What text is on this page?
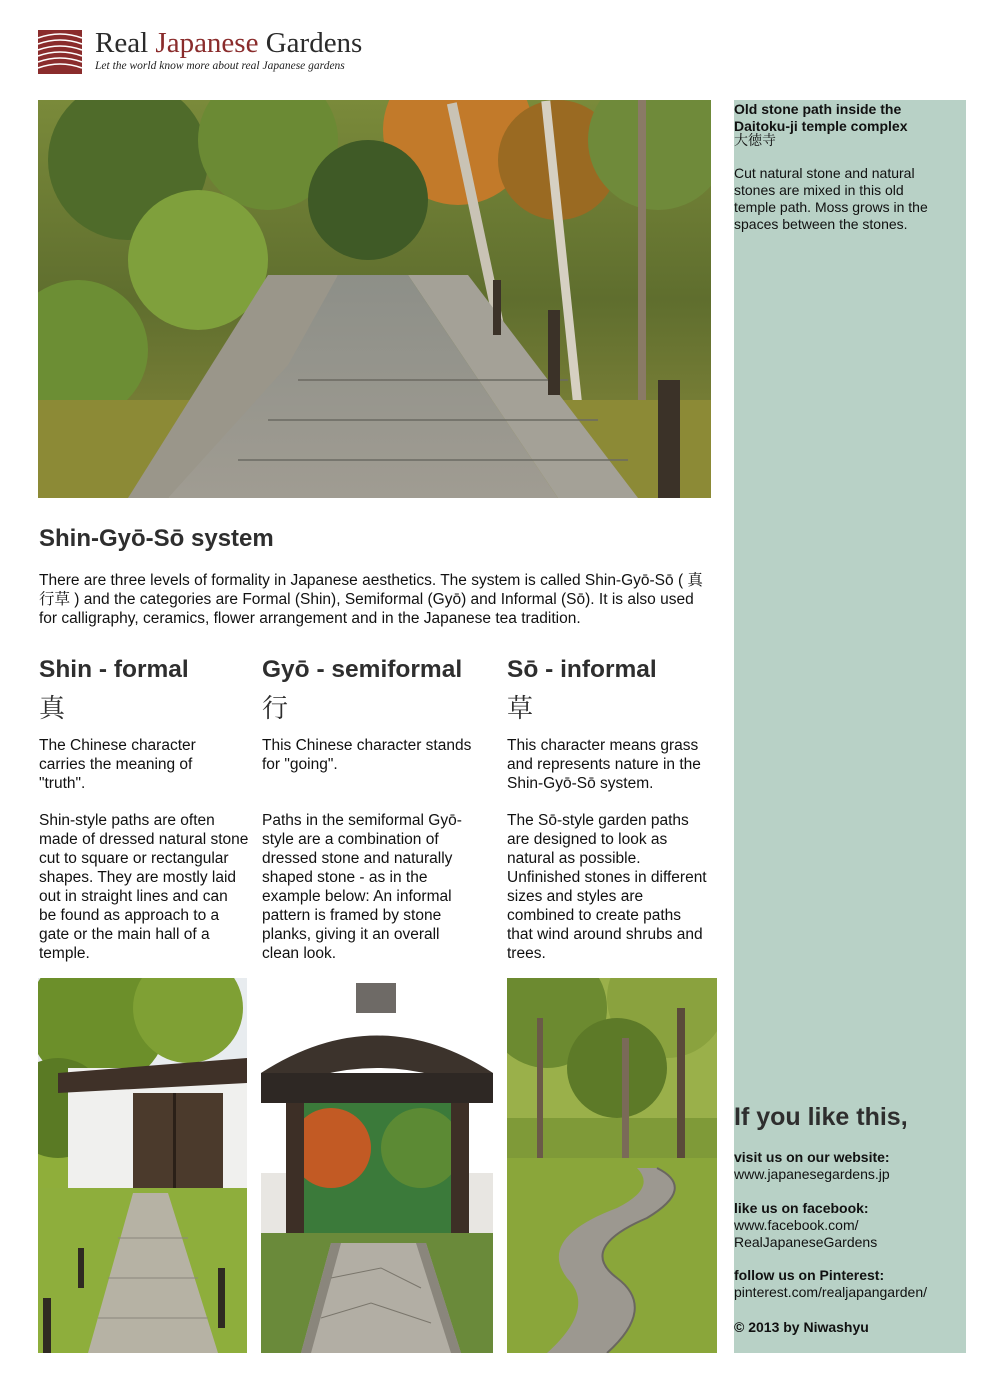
Real Japanese Gardens
Let the world know more about real Japanese gardens
Old stone path inside the Daitoku-ji temple complex
大徳寺
Cut natural stone and natural stones are mixed in this old temple path. Moss grows in the spaces between the stones.
Shin-Gyō-Sō system
There are three levels of formality in Japanese aesthetics. The system is called Shin-Gyō-Sō ( 真行草 ) and the categories are Formal (Shin), Semiformal (Gyō) and Informal (Sō). It is also used for calligraphy, ceramics, flower arrangement and in the Japanese tea tradition.
Shin - formal
真
The Chinese character carries the meaning of "truth".
Shin-style paths are often made of dressed natural stone cut to square or rectangular shapes. They are mostly laid out in straight lines and can be found as approach to a gate or the main hall of a temple.
Gyō - semiformal
行
This Chinese character stands for "going".
Paths in the semiformal Gyō-style are a combination of dressed stone and naturally shaped stone - as in the example below: An informal pattern is framed by stone planks, giving it an overall clean look.
Sō - informal
草
This character means grass and represents nature in the Shin-Gyō-Sō system.
The Sō-style garden paths are designed to look as natural as possible. Unfinished stones in different sizes and styles are combined to create paths that wind around shrubs and trees.
If you like this,
visit us on our website:
www.japanesegardens.jp
like us on facebook:
www.facebook.com/
RealJapaneseGardens
follow us on Pinterest:
pinterest.com/realjapangarden/
© 2013 by Niwashyu
